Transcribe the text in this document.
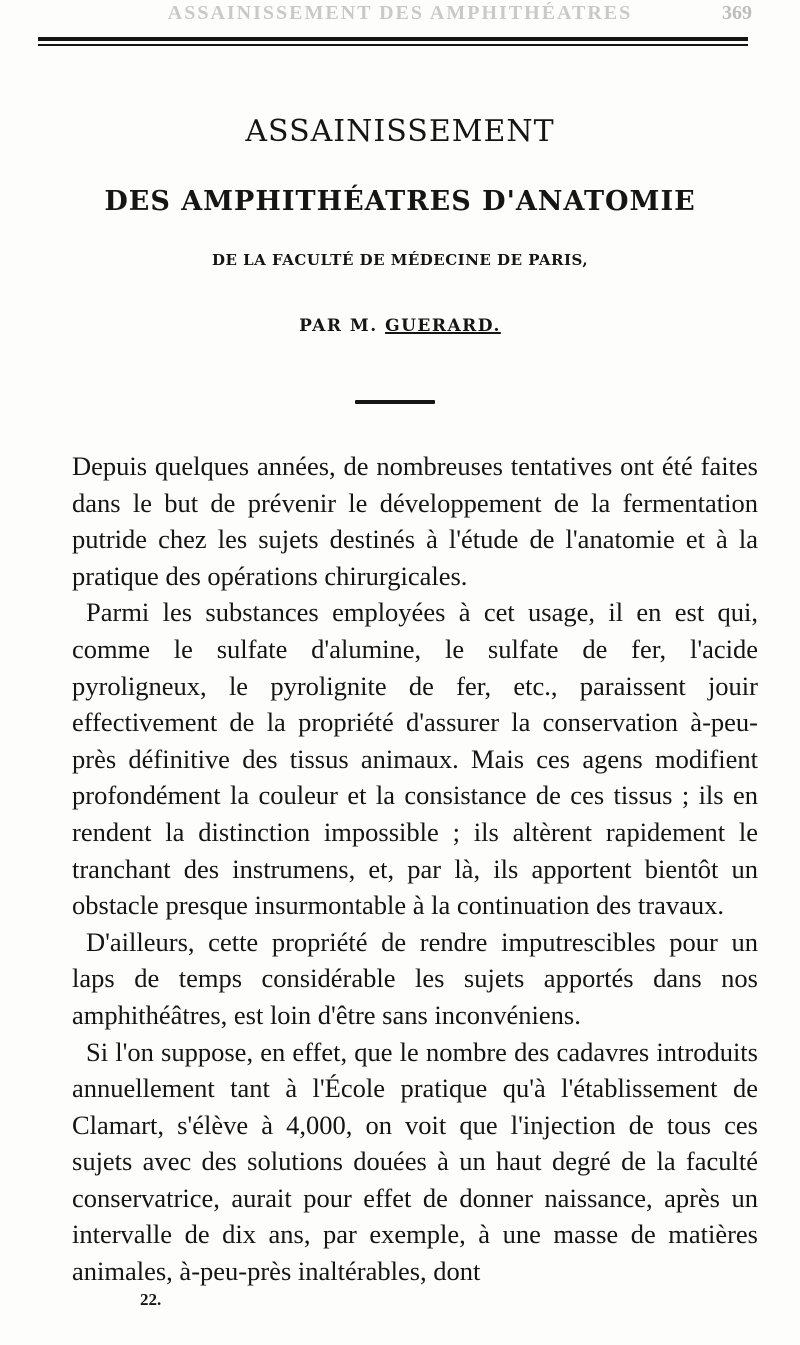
ASSAINISSEMENT DES AMPHITHÉATRES	369
ASSAINISSEMENT
DES AMPHITHÉATRES D'ANATOMIE
DE LA FACULTÉ DE MÉDECINE DE PARIS,
PAR M. GUERARD.

Depuis quelques années, de nombreuses tentatives ont été faites dans le but de prévenir le développement de la fermentation putride chez les sujets destinés à l'étude de l'anatomie et à la pratique des opérations chirurgicales.

Parmi les substances employées à cet usage, il en est qui, comme le sulfate d'alumine, le sulfate de fer, l'acide pyroligneux, le pyrolignite de fer, etc., paraissent jouir effectivement de la propriété d'assurer la conservation à-peu-près définitive des tissus animaux. Mais ces agens modifient profondément la couleur et la consistance de ces tissus ; ils en rendent la distinction impossible ; ils altèrent rapidement le tranchant des instrumens, et, par là, ils apportent bientôt un obstacle presque insurmontable à la continuation des travaux.

D'ailleurs, cette propriété de rendre imputrescibles pour un laps de temps considérable les sujets apportés dans nos amphithéâtres, est loin d'être sans inconvéniens.

Si l'on suppose, en effet, que le nombre des cadavres introduits annuellement tant à l'École pratique qu'à l'établissement de Clamart, s'élève à 4,000, on voit que l'injection de tous ces sujets avec des solutions douées à un haut degré de la faculté conservatrice, aurait pour effet de donner naissance, après un intervalle de dix ans, par exemple, à une masse de matières animales, à-peu-près inaltérables, dont

22.
